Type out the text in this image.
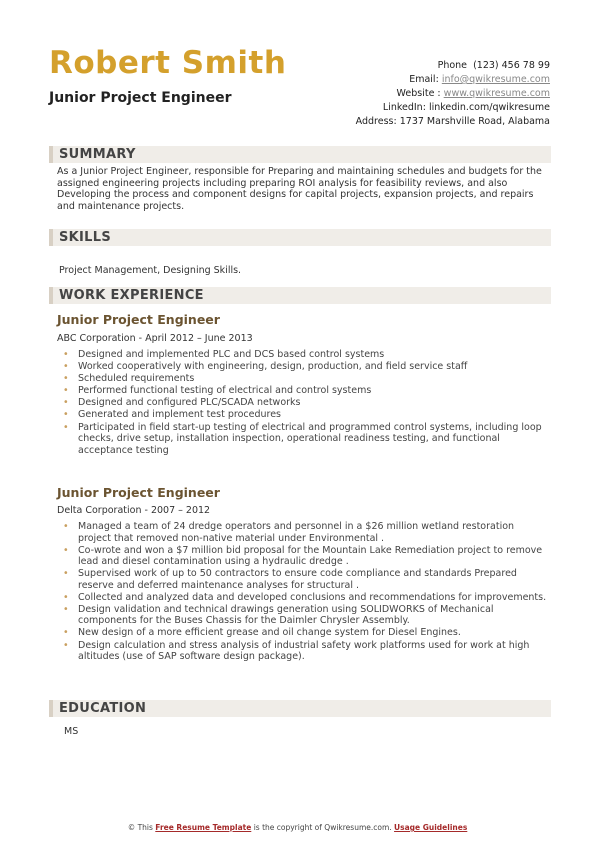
Robert Smith
Junior Project Engineer
Phone (123) 456 78 99
Email: info@qwikresume.com
Website : www.qwikresume.com
LinkedIn: linkedin.com/qwikresume
Address: 1737 Marshville Road, Alabama
SUMMARY
As a Junior Project Engineer, responsible for Preparing and maintaining schedules and budgets for the assigned engineering projects including preparing ROI analysis for feasibility reviews, and also Developing the process and component designs for capital projects, expansion projects, and repairs and maintenance projects.
SKILLS
Project Management, Designing Skills.
WORK EXPERIENCE
Junior Project Engineer
ABC Corporation - April 2012 – June 2013
• Designed and implemented PLC and DCS based control systems
• Worked cooperatively with engineering, design, production, and field service staff
• Scheduled requirements
• Performed functional testing of electrical and control systems
• Designed and configured PLC/SCADA networks
• Generated and implement test procedures
• Participated in field start-up testing of electrical and programmed control systems, including loop checks, drive setup, installation inspection, operational readiness testing, and functional acceptance testing
Junior Project Engineer
Delta Corporation - 2007 – 2012
• Managed a team of 24 dredge operators and personnel in a $26 million wetland restoration project that removed non-native material under Environmental .
• Co-wrote and won a $7 million bid proposal for the Mountain Lake Remediation project to remove lead and diesel contamination using a hydraulic dredge .
• Supervised work of up to 50 contractors to ensure code compliance and standards Prepared reserve and deferred maintenance analyses for structural .
• Collected and analyzed data and developed conclusions and recommendations for improvements.
• Design validation and technical drawings generation using SOLIDWORKS of Mechanical components for the Buses Chassis for the Daimler Chrysler Assembly.
• New design of a more efficient grease and oil change system for Diesel Engines.
• Design calculation and stress analysis of industrial safety work platforms used for work at high altitudes (use of SAP software design package).
EDUCATION
MS
© This Free Resume Template is the copyright of Qwikresume.com. Usage Guidelines
